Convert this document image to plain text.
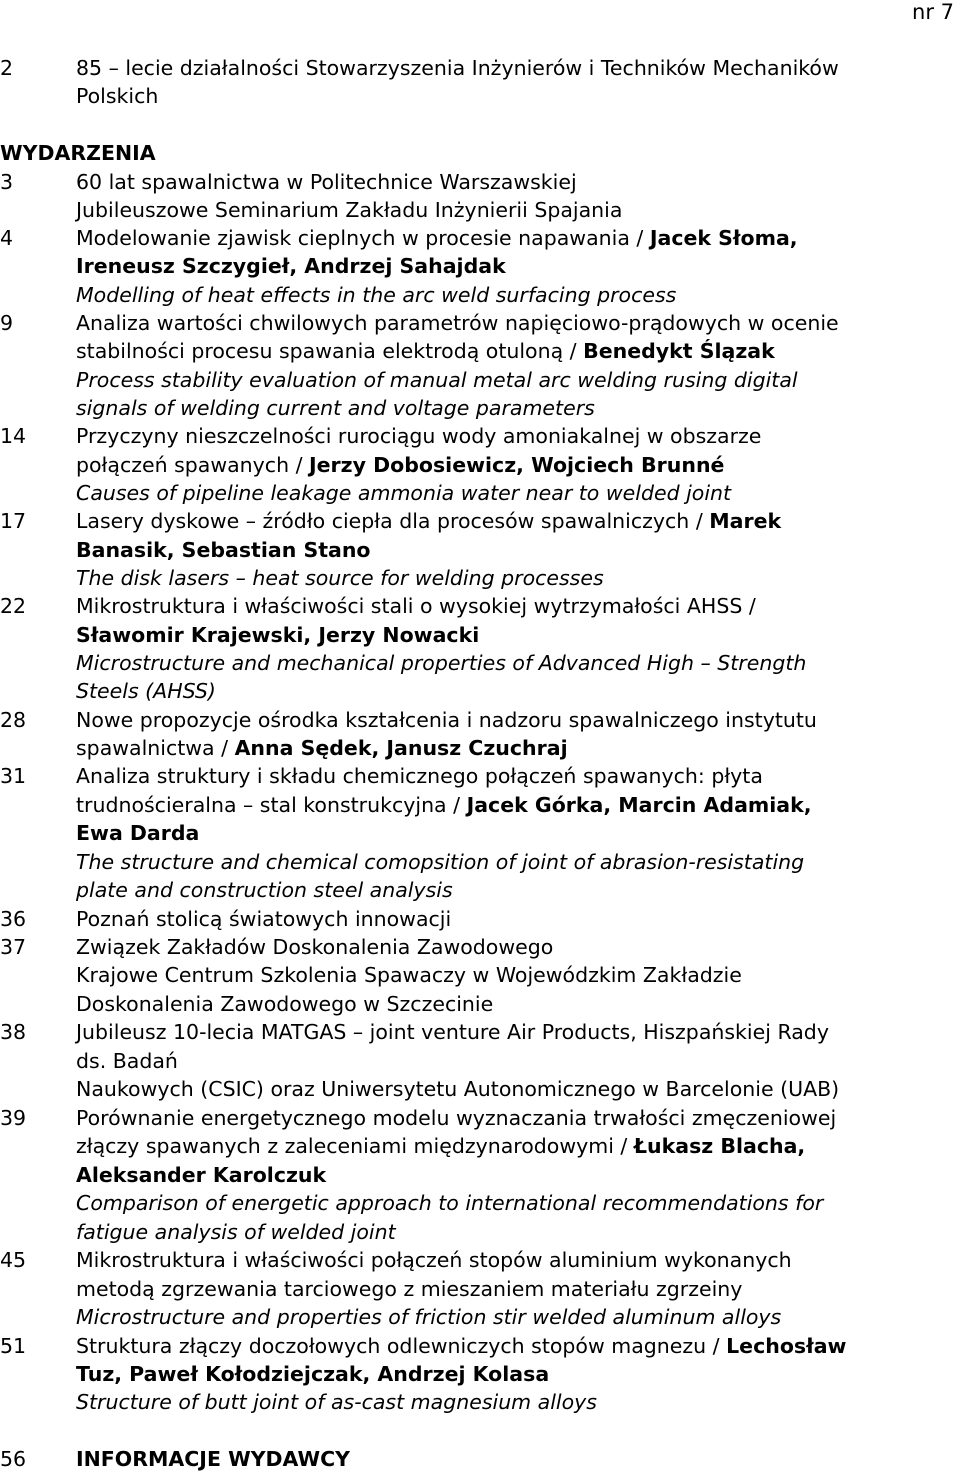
nr 7
2	85 – lecie działalności Stowarzyszenia Inżynierów i Techników Mechaników
Polskich
WYDARZENIA
3	60 lat spawalnictwa w Politechnice Warszawskiej
Jubileuszowe Seminarium Zakładu Inżynierii Spajania
4	Modelowanie zjawisk cieplnych w procesie napawania / Jacek Słoma,
Ireneusz Szczygieł, Andrzej Sahajdak
Modelling of heat effects in the arc weld surfacing process
9	Analiza wartości chwilowych parametrów napięciowo-prądowych w ocenie
stabilności procesu spawania elektrodą otuloną / Benedykt Ślązak
Process stability evaluation of manual metal arc welding rusing digital
signals of welding current and voltage parameters
14 Przyczyny nieszczelności rurociągu wody amoniakalnej w obszarze
połączeń spawanych / Jerzy Dobosiewicz, Wojciech Brunné
Causes of pipeline leakage ammonia water near to welded joint
17 Lasery dyskowe – źródło ciepła dla procesów spawalniczych / Marek
Banasik, Sebastian Stano
The disk lasers – heat source for welding processes
22 Mikrostruktura i właściwości stali o wysokiej wytrzymałości AHSS /
Sławomir Krajewski, Jerzy Nowacki
Microstructure and mechanical properties of Advanced High – Strength
Steels (AHSS)
28 Nowe propozycje ośrodka kształcenia i nadzoru spawalniczego instytutu
spawalnictwa / Anna Sędek, Janusz Czuchraj
31 Analiza struktury i składu chemicznego połączeń spawanych: płyta
trudnościeralna – stal konstrukcyjna / Jacek Górka, Marcin Adamiak,
Ewa Darda
The structure and chemical comopsition of joint of abrasion-resistating
plate and construction steel analysis
36 Poznań stolicą światowych innowacji
37 Związek Zakładów Doskonalenia Zawodowego
Krajowe Centrum Szkolenia Spawaczy w Wojewódzkim Zakładzie
Doskonalenia Zawodowego w Szczecinie
38 Jubileusz 10-lecia MATGAS – joint venture Air Products, Hiszpańskiej Rady
ds. Badań
Naukowych (CSIC) oraz Uniwersytetu Autonomicznego w Barcelonie (UAB)
39 Porównanie energetycznego modelu wyznaczania trwałości zmęczeniowej
złączy spawanych z zaleceniami międzynarodowymi / Łukasz Blacha,
Aleksander Karolczuk
Comparison of energetic approach to international recommendations for
fatigue analysis of welded joint
45 Mikrostruktura i właściwości połączeń stopów aluminium wykonanych
metodą zgrzewania tarciowego z mieszaniem materiału zgrzeiny
Microstructure and properties of friction stir welded aluminum alloys
51 Struktura złączy doczołowych odlewniczych stopów magnezu / Lechosław
Tuz, Paweł Kołodziejczak, Andrzej Kolasa
Structure of butt joint of as-cast magnesium alloys
56 INFORMACJE WYDAWCY
